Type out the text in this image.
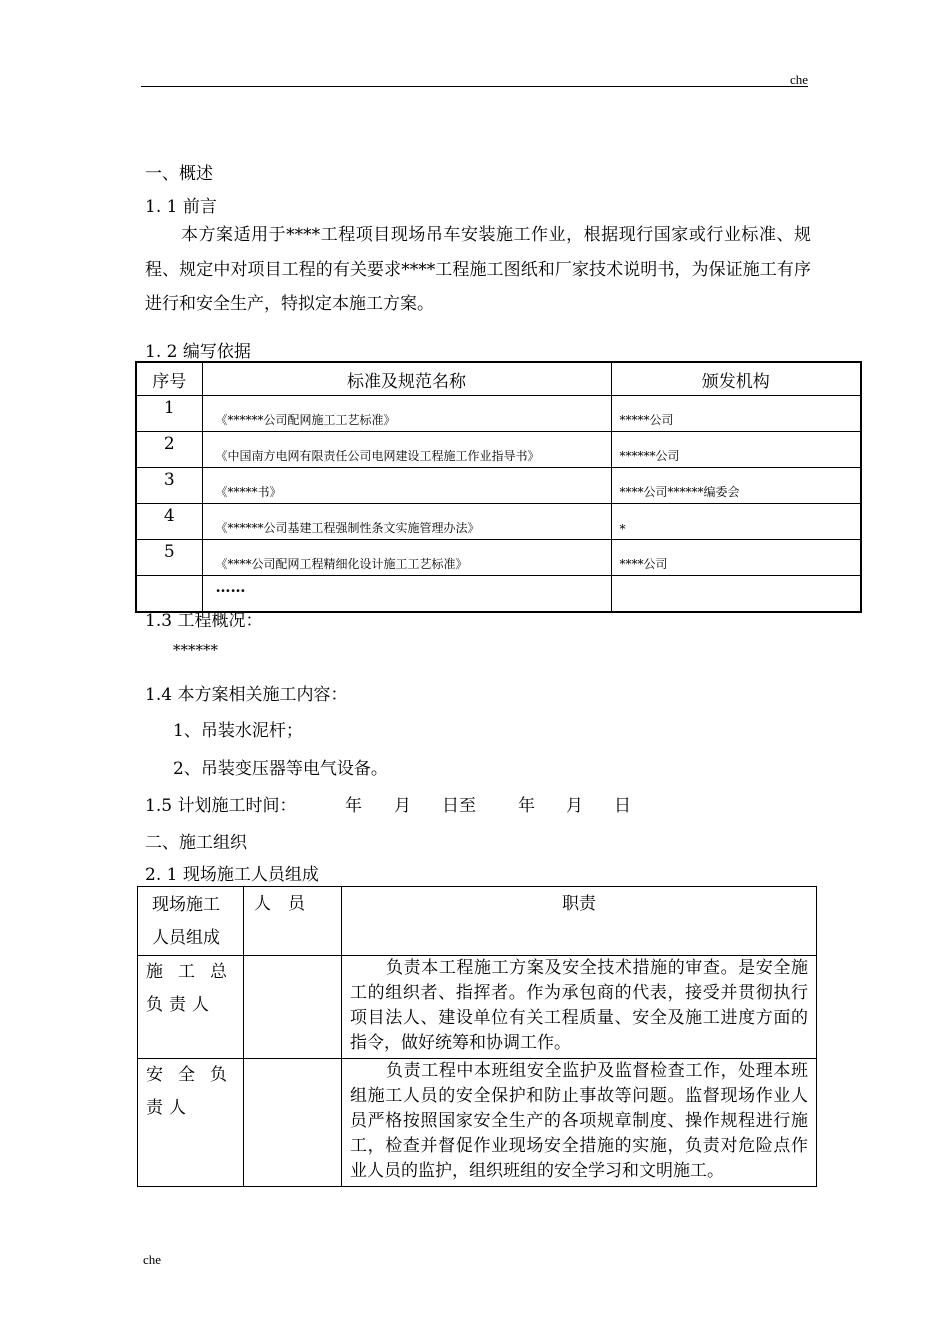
che
che
一、概述
1. 1 前言
本方案适用于****工程项目现场吊车安装施工作业，根据现行国家或行业标准、规程、规定中对项目工程的有关要求****工程施工图纸和厂家技术说明书，为保证施工有序进行和安全生产，特拟定本施工方案。
1. 2 编写依据
序号	标准及规范名称	颁发机构
1	《******公司配网施工工艺标准》	*****公司
2	《中国南方电网有限责任公司电网建设工程施工作业指导书》	******公司
3	《*****书》	****公司******编委会
4	《******公司基建工程强制性条文实施管理办法》	*
5	《****公司配网工程精细化设计施工工艺标准》	****公司
	……	
1.3 工程概况：
******
1.4 本方案相关施工内容：
1、吊装水泥杆；
2、吊装变压器等电气设备。
1.5 计划施工时间：	年 月 日至 年 月 日
二、施工组织
2. 1 现场施工人员组成
现场施工人员组成	人　员	职责
施工总负责人		负责本工程施工方案及安全技术措施的审查。是安全施工的组织者、指挥者。作为承包商的代表，接受并贯彻执行项目法人、建设单位有关工程质量、安全及施工进度方面的指令，做好统筹和协调工作。
安全负责人		负责工程中本班组安全监护及监督检查工作，处理本班组施工人员的安全保护和防止事故等问题。监督现场作业人员严格按照国家安全生产的各项规章制度、操作规程进行施工，检查并督促作业现场安全措施的实施，负责对危险点作业人员的监护，组织班组的安全学习和文明施工。
